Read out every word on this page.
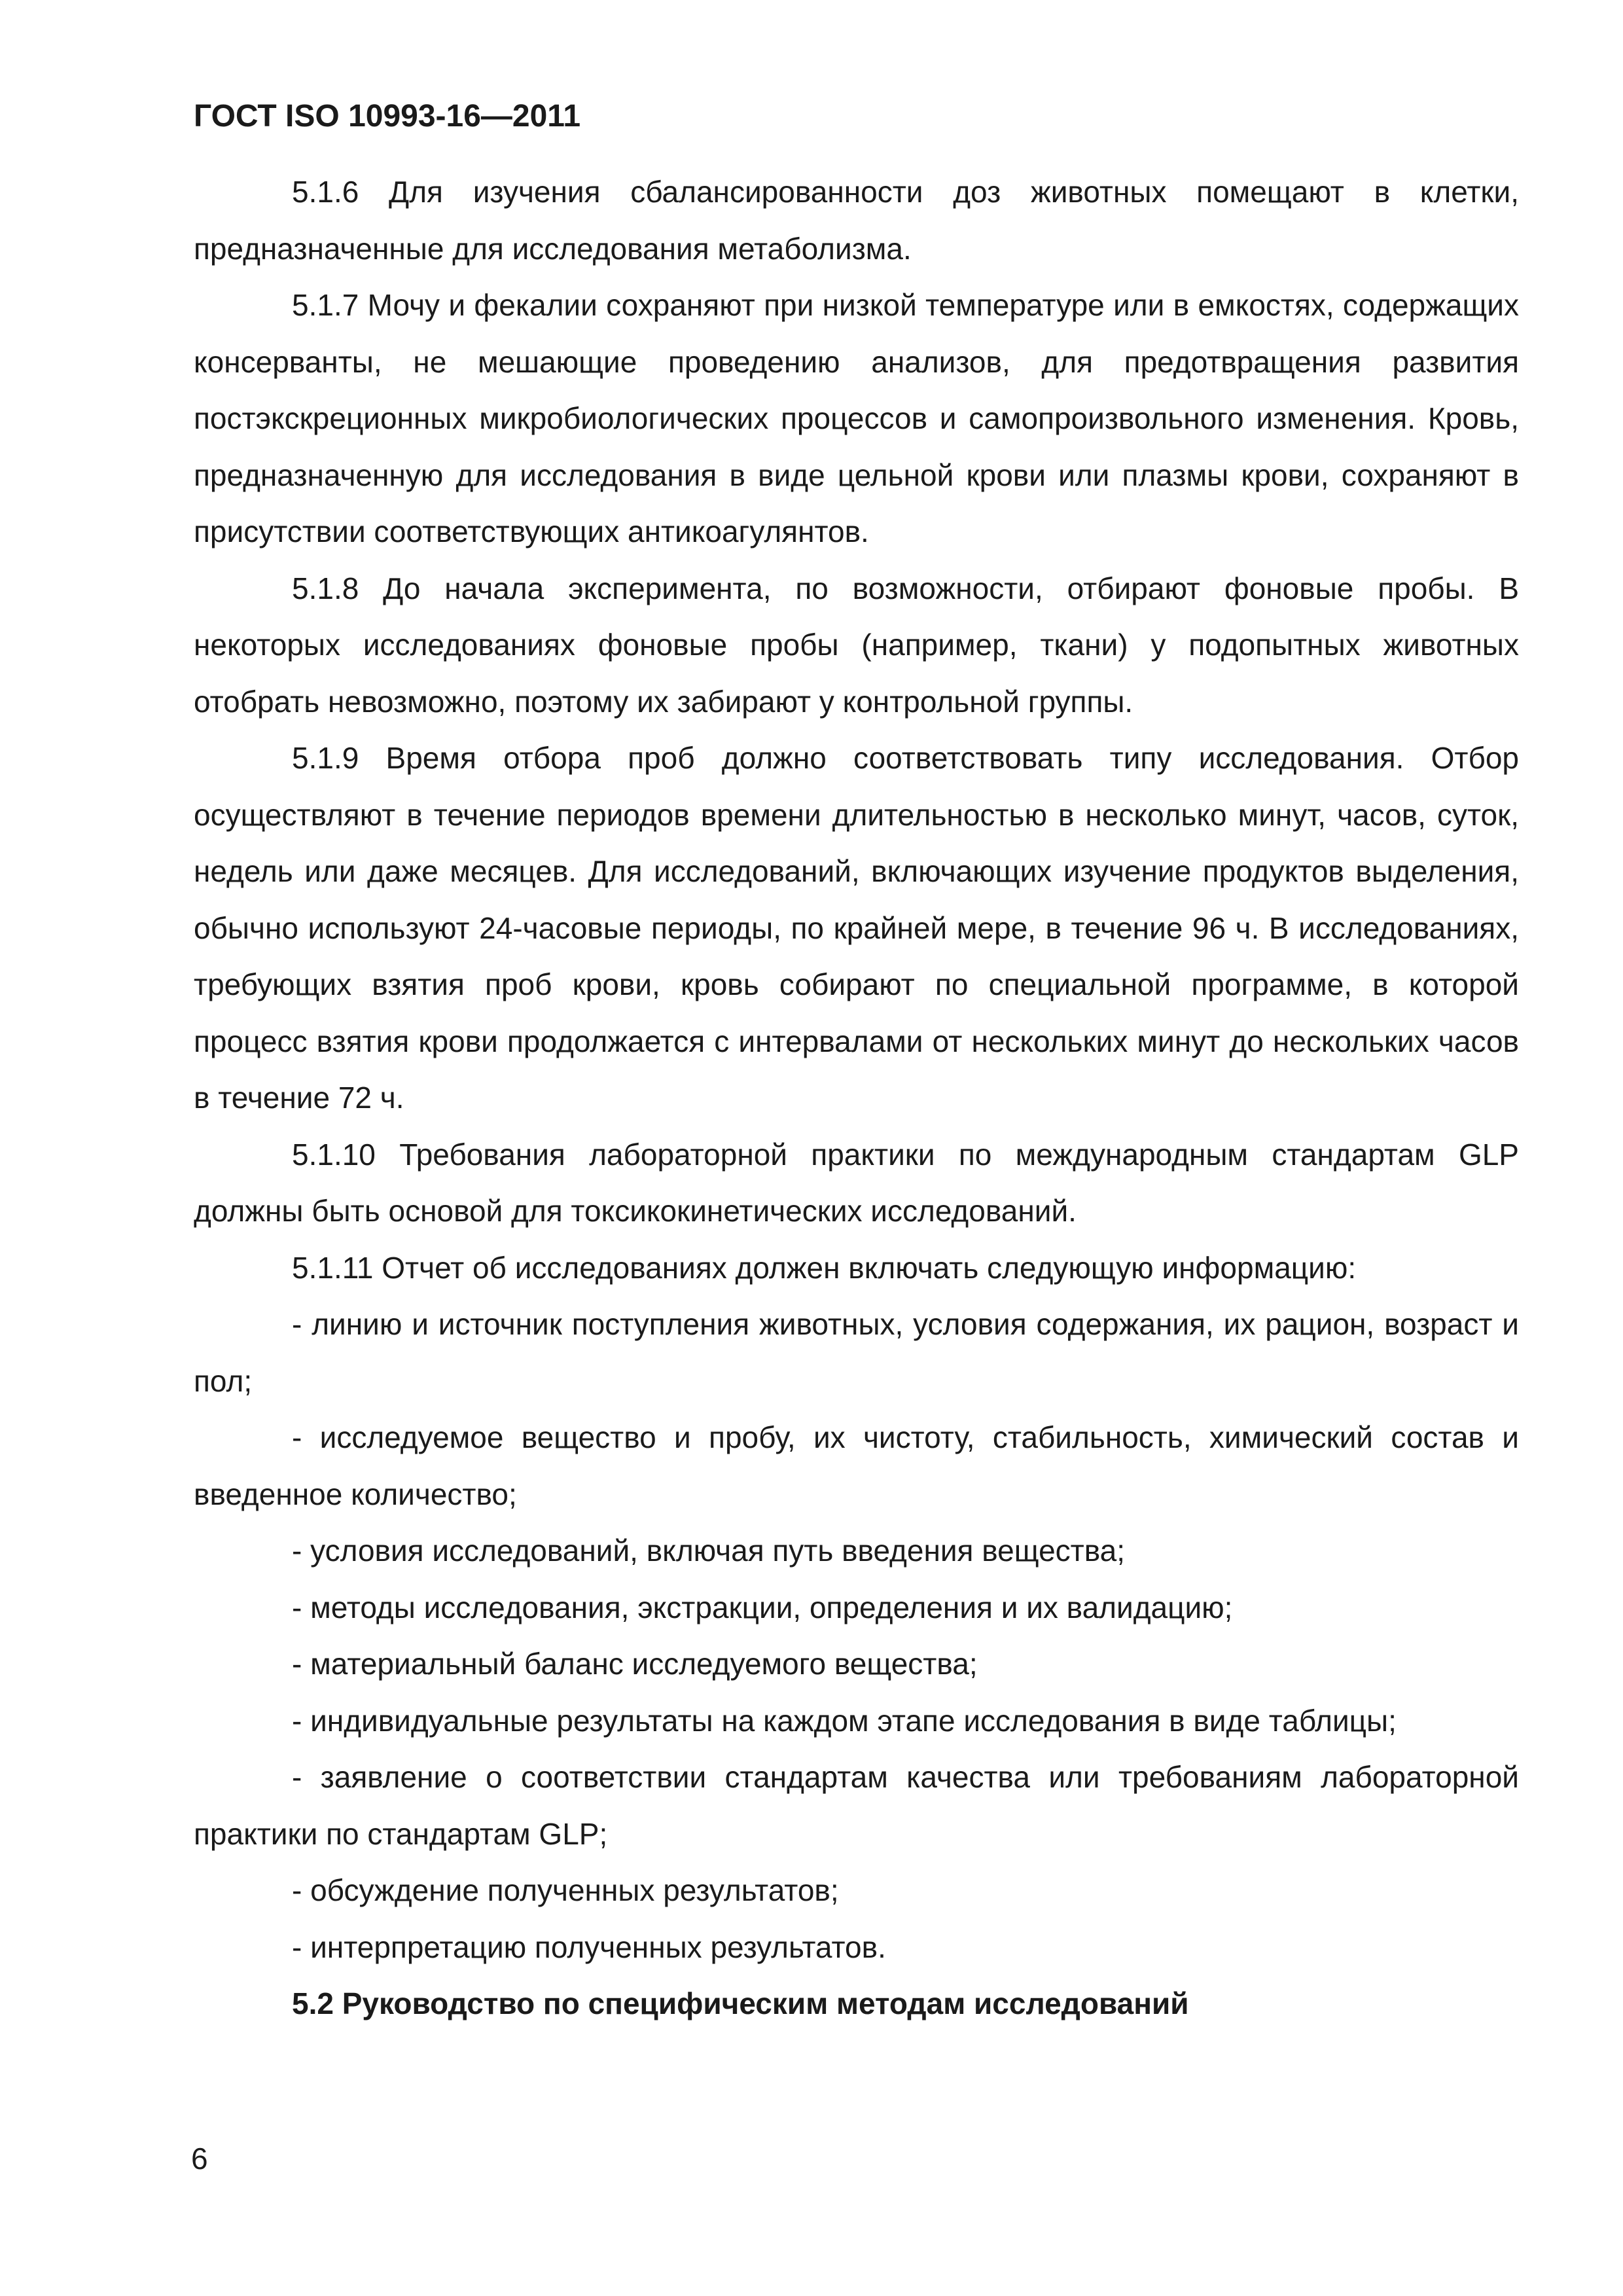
ГОСТ ISO 10993-16—2011

5.1.6 Для изучения сбалансированности доз животных помещают в клетки, предназначенные для исследования метаболизма.

5.1.7 Мочу и фекалии сохраняют при низкой температуре или в емкостях, содержащих консерванты, не мешающие проведению анализов, для предотвращения развития постэкскреционных микробиологических процессов и самопроизвольного изменения. Кровь, предназначенную для исследования в виде цельной крови или плазмы крови, сохраняют в присутствии соответствующих антикоагулянтов.

5.1.8 До начала эксперимента, по возможности, отбирают фоновые пробы. В некоторых исследованиях фоновые пробы (например, ткани) у подопытных животных отобрать невозможно, поэтому их забирают у контрольной группы.

5.1.9 Время отбора проб должно соответствовать типу исследования. Отбор осуществляют в течение периодов времени длительностью в несколько минут, часов, суток, недель или даже месяцев. Для исследований, включающих изучение продуктов выделения, обычно используют 24-часовые периоды, по крайней мере, в течение 96 ч. В исследованиях, требующих взятия проб крови, кровь собирают по специальной программе, в которой процесс взятия крови продолжается с интервалами от нескольких минут до нескольких часов в течение 72 ч.

5.1.10 Требования лабораторной практики по международным стандартам GLP должны быть основой для токсикокинетических исследований.

5.1.11 Отчет об исследованиях должен включать следующую информацию:

- линию и источник поступления животных, условия содержания, их рацион, возраст и пол;

- исследуемое вещество и пробу, их чистоту, стабильность, химический состав и введенное количество;

- условия исследований, включая путь введения вещества;

- методы исследования, экстракции, определения и их валидацию;

- материальный баланс исследуемого вещества;

- индивидуальные результаты на каждом этапе исследования в виде таблицы;

- заявление о соответствии стандартам качества или требованиям лабораторной практики по стандартам GLP;

- обсуждение полученных результатов;

- интерпретацию полученных результатов.

5.2 Руководство по специфическим методам исследований

6
